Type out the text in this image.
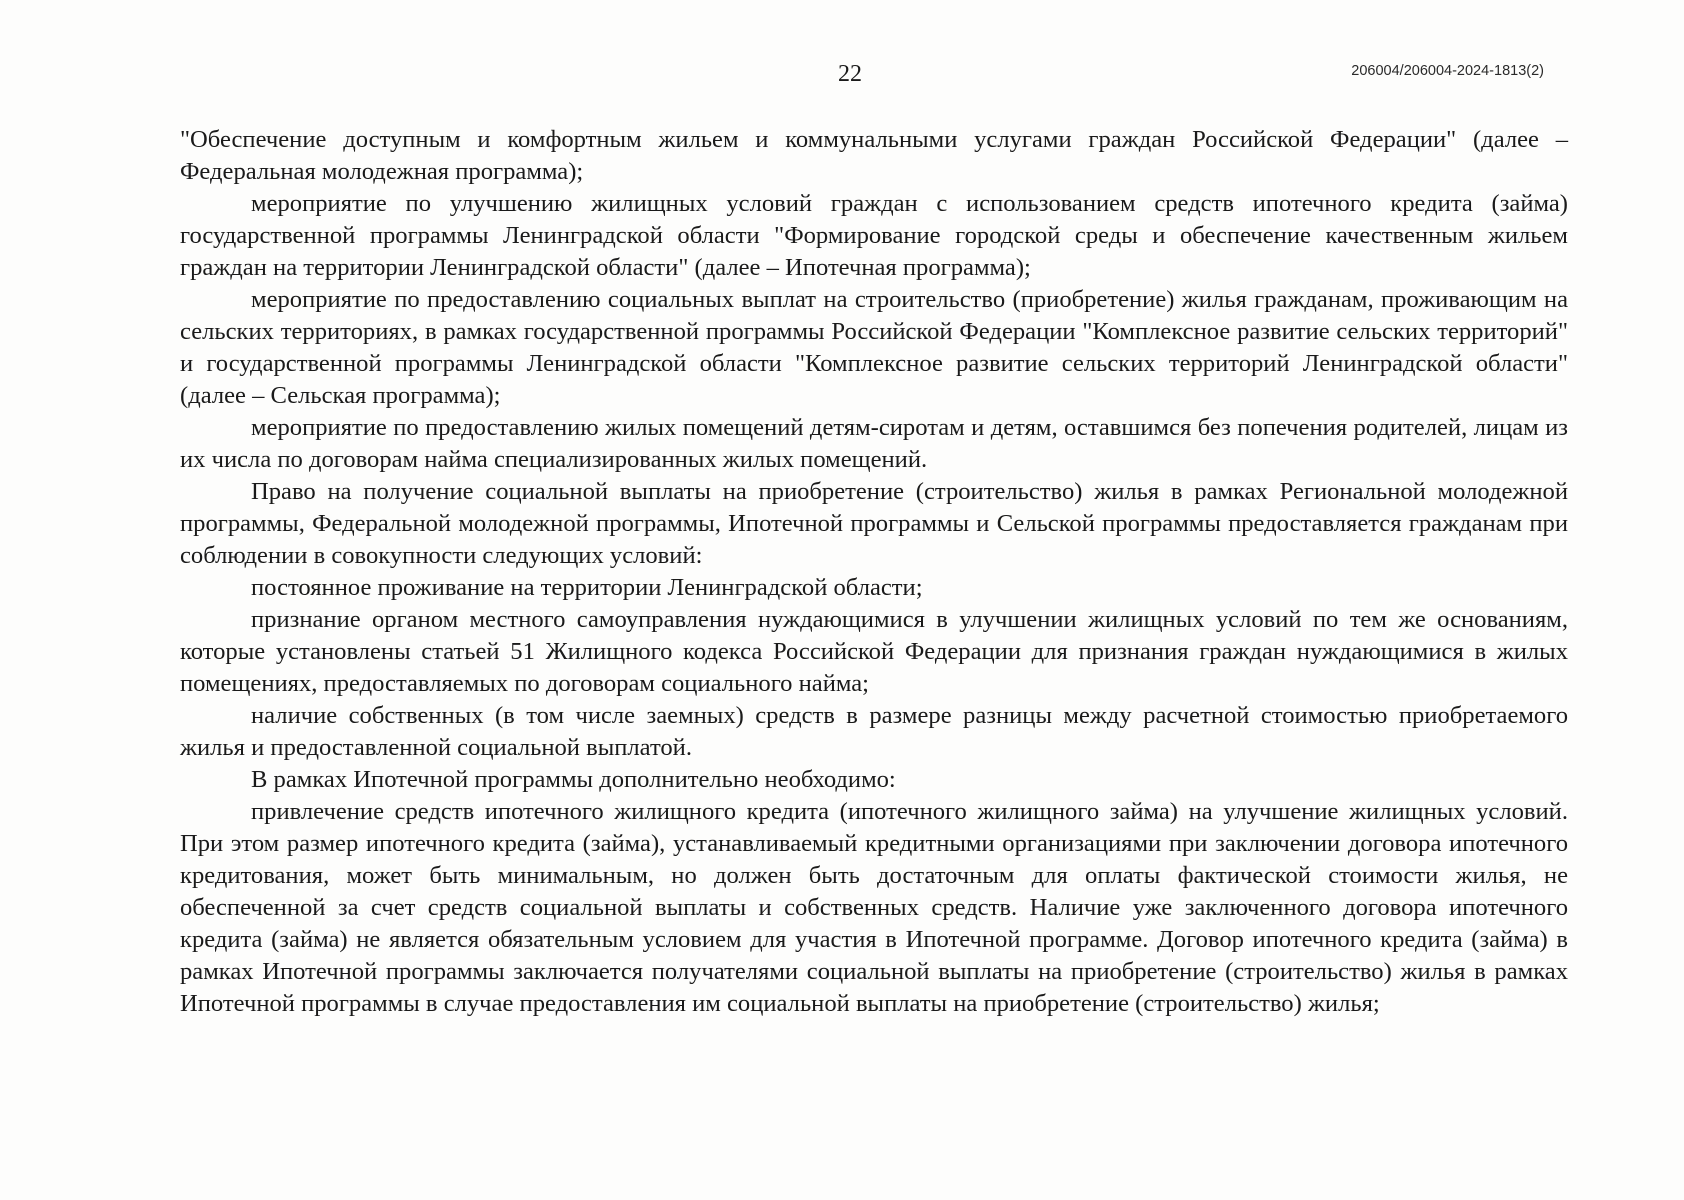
22	206004/206004-2024-1813(2)

"Обеспечение доступным и комфортным жильем и коммунальными услугами граждан Российской Федерации" (далее – Федеральная молодежная программа);

мероприятие по улучшению жилищных условий граждан с использованием средств ипотечного кредита (займа) государственной программы Ленинградской области "Формирование городской среды и обеспечение качественным жильем граждан на территории Ленинградской области" (далее – Ипотечная программа);

мероприятие по предоставлению социальных выплат на строительство (приобретение) жилья гражданам, проживающим на сельских территориях, в рамках государственной программы Российской Федерации "Комплексное развитие сельских территорий" и государственной программы Ленинградской области "Комплексное развитие сельских территорий Ленинградской области" (далее – Сельская программа);

мероприятие по предоставлению жилых помещений детям-сиротам и детям, оставшимся без попечения родителей, лицам из их числа по договорам найма специализированных жилых помещений.

Право на получение социальной выплаты на приобретение (строительство) жилья в рамках Региональной молодежной программы, Федеральной молодежной программы, Ипотечной программы и Сельской программы предоставляется гражданам при соблюдении в совокупности следующих условий:

постоянное проживание на территории Ленинградской области;

признание органом местного самоуправления нуждающимися в улучшении жилищных условий по тем же основаниям, которые установлены статьей 51 Жилищного кодекса Российской Федерации для признания граждан нуждающимися в жилых помещениях, предоставляемых по договорам социального найма;

наличие собственных (в том числе заемных) средств в размере разницы между расчетной стоимостью приобретаемого жилья и предоставленной социальной выплатой.

В рамках Ипотечной программы дополнительно необходимо:

привлечение средств ипотечного жилищного кредита (ипотечного жилищного займа) на улучшение жилищных условий. При этом размер ипотечного кредита (займа), устанавливаемый кредитными организациями при заключении договора ипотечного кредитования, может быть минимальным, но должен быть достаточным для оплаты фактической стоимости жилья, не обеспеченной за счет средств социальной выплаты и собственных средств. Наличие уже заключенного договора ипотечного кредита (займа) не является обязательным условием для участия в Ипотечной программе. Договор ипотечного кредита (займа) в рамках Ипотечной программы заключается получателями социальной выплаты на приобретение (строительство) жилья в рамках Ипотечной программы в случае предоставления им социальной выплаты на приобретение (строительство) жилья;
